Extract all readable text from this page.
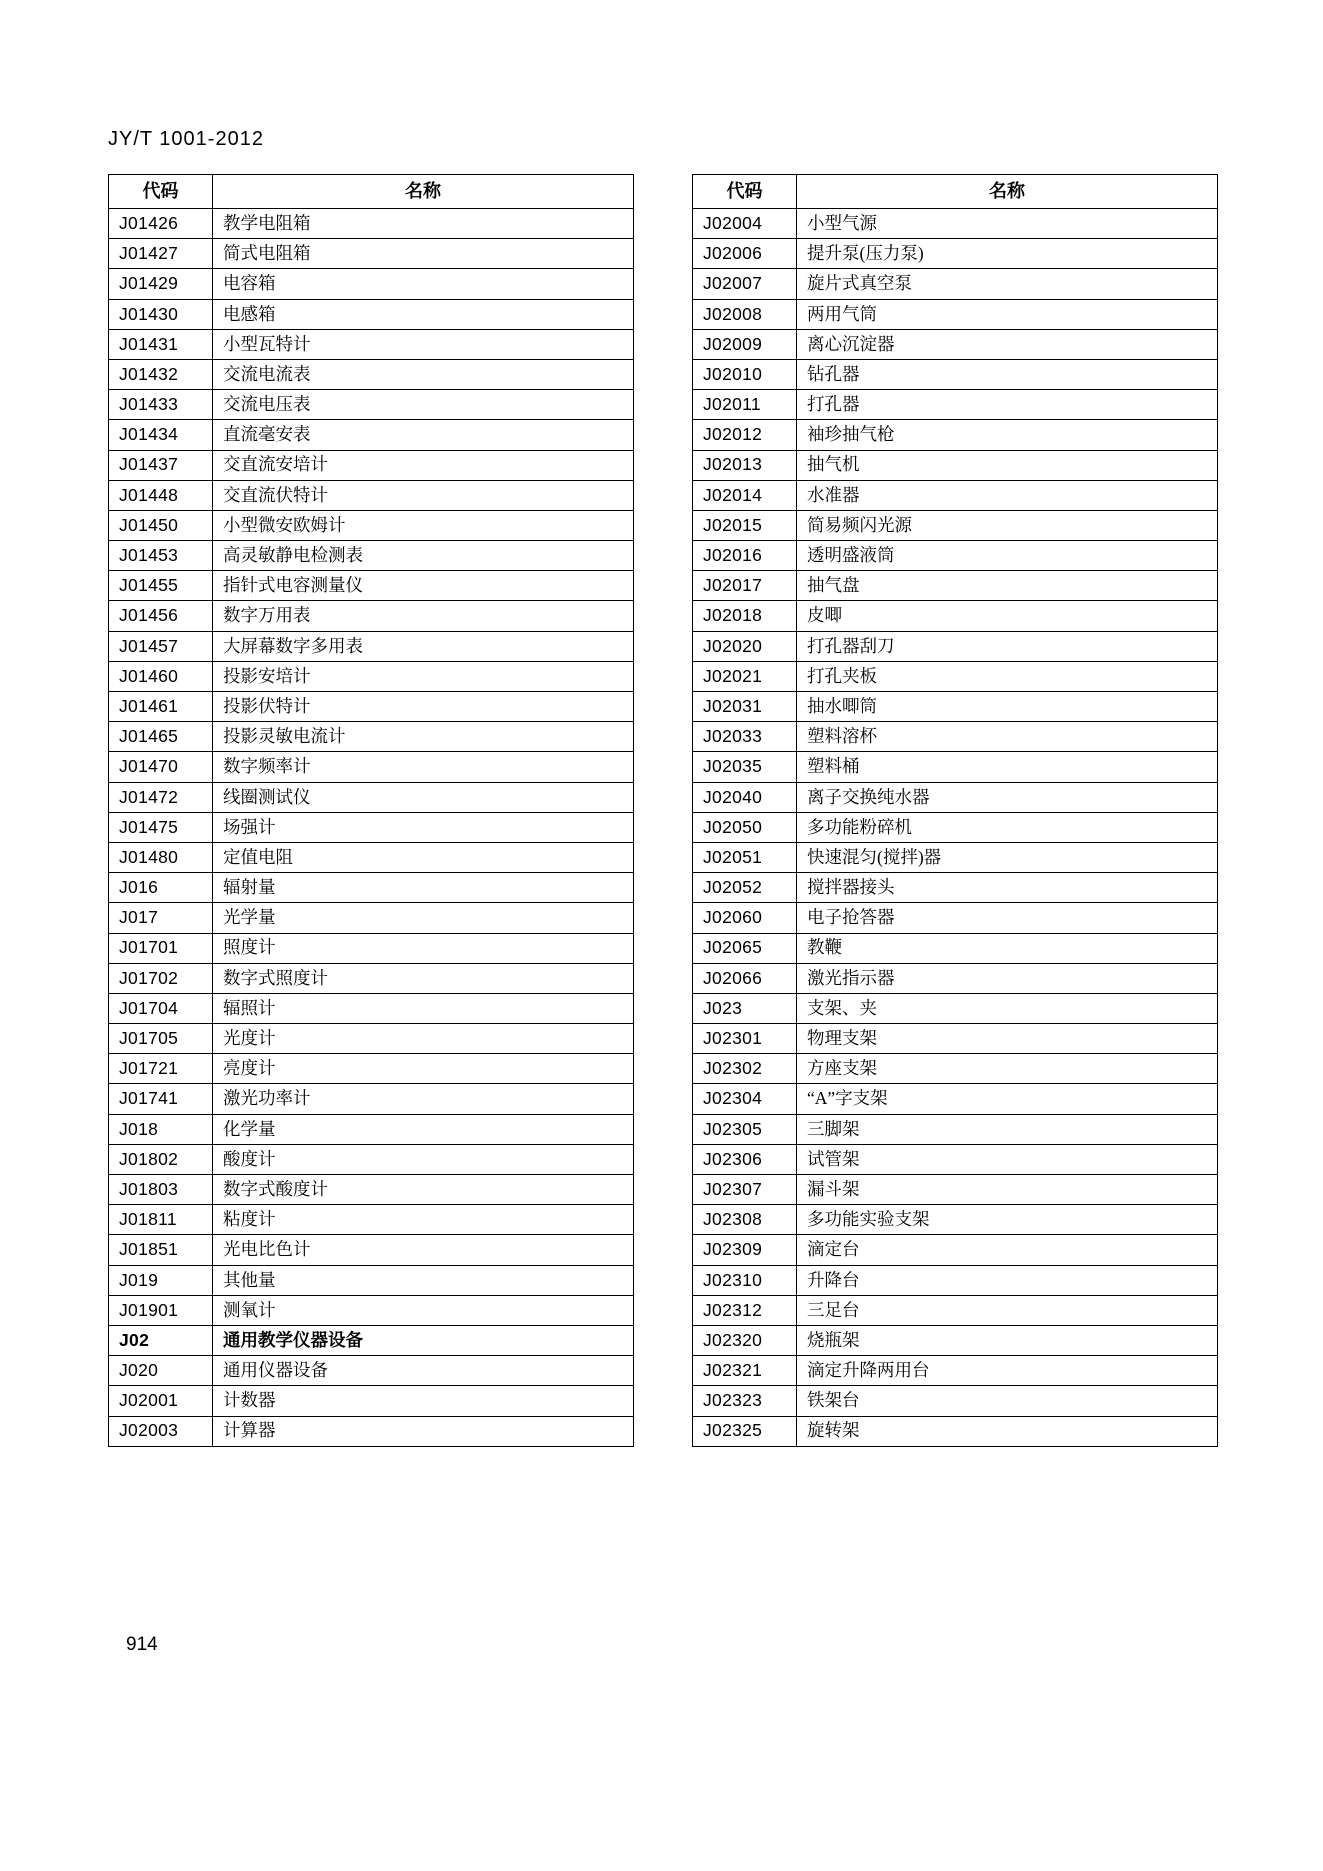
JY/T 1001-2012
代码	名称
J01426	教学电阻箱
J01427	简式电阻箱
J01429	电容箱
J01430	电感箱
J01431	小型瓦特计
J01432	交流电流表
J01433	交流电压表
J01434	直流毫安表
J01437	交直流安培计
J01448	交直流伏特计
J01450	小型微安欧姆计
J01453	高灵敏静电检测表
J01455	指针式电容测量仪
J01456	数字万用表
J01457	大屏幕数字多用表
J01460	投影安培计
J01461	投影伏特计
J01465	投影灵敏电流计
J01470	数字频率计
J01472	线圈测试仪
J01475	场强计
J01480	定值电阻
J016	辐射量
J017	光学量
J01701	照度计
J01702	数字式照度计
J01704	辐照计
J01705	光度计
J01721	亮度计
J01741	激光功率计
J018	化学量
J01802	酸度计
J01803	数字式酸度计
J01811	粘度计
J01851	光电比色计
J019	其他量
J01901	测氧计
J02	通用教学仪器设备
J020	通用仪器设备
J02001	计数器
J02003	计算器
代码	名称
J02004	小型气源
J02006	提升泵(压力泵)
J02007	旋片式真空泵
J02008	两用气筒
J02009	离心沉淀器
J02010	钻孔器
J02011	打孔器
J02012	袖珍抽气枪
J02013	抽气机
J02014	水准器
J02015	简易频闪光源
J02016	透明盛液筒
J02017	抽气盘
J02018	皮唧
J02020	打孔器刮刀
J02021	打孔夹板
J02031	抽水唧筒
J02033	塑料溶杯
J02035	塑料桶
J02040	离子交换纯水器
J02050	多功能粉碎机
J02051	快速混匀(搅拌)器
J02052	搅拌器接头
J02060	电子抢答器
J02065	教鞭
J02066	激光指示器
J023	支架、夹
J02301	物理支架
J02302	方座支架
J02304	“A”字支架
J02305	三脚架
J02306	试管架
J02307	漏斗架
J02308	多功能实验支架
J02309	滴定台
J02310	升降台
J02312	三足台
J02320	烧瓶架
J02321	滴定升降两用台
J02323	铁架台
J02325	旋转架
914
